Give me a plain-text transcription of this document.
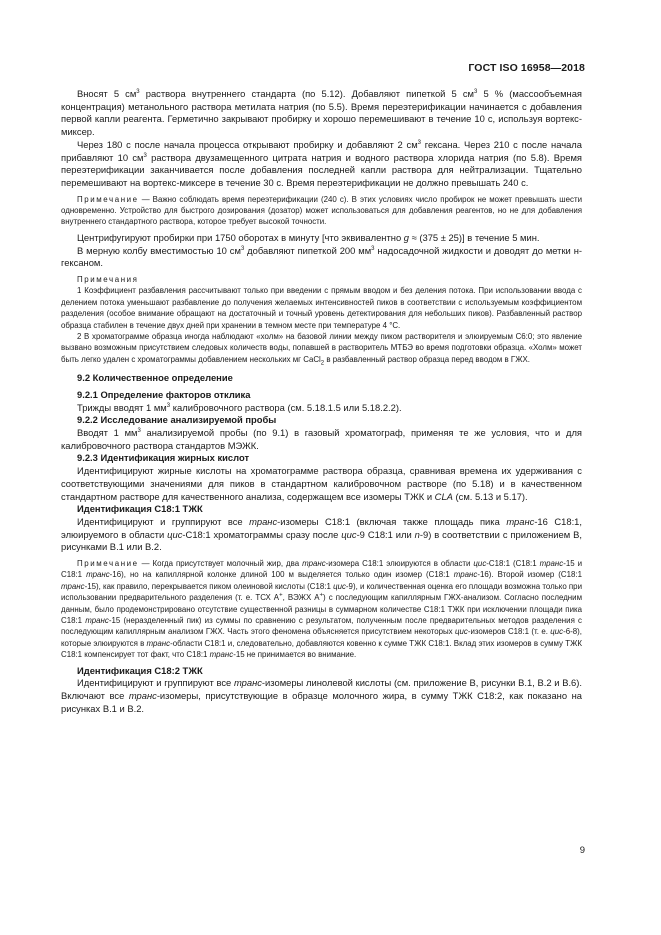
ГОСТ ISO 16958—2018

Вносят 5 $см^3$ раствора внутреннего стандарта (по 5.12). Добавляют пипеткой 5 $см^3$ 5 % (массообъемная концентрация) метанольного раствора метилата натрия (по 5.5). Время переэтерификации начинается с добавления первой капли реагента. Герметично закрывают пробирку и хорошо перемешивают в течение 10 с, используя вортекс-миксер.

Через 180 с после начала процесса открывают пробирку и добавляют 2 $см^3$ гексана. Через 210 с после начала прибавляют 10 $см^3$ раствора двузамещенного цитрата натрия и водного раствора хлорида натрия (по 5.8). Время переэтерификации заканчивается после добавления последней капли раствора для нейтрализации. Тщательно перемешивают на вортекс-миксере в течение 30 с. Время переэтерификации не должно превышать 240 с.

Примечание — Важно соблюдать время переэтерификации (240 с). В этих условиях число пробирок не может превышать шести одновременно. Устройство для быстрого дозирования (дозатор) может использоваться для добавления реагентов, но не для добавления внутреннего стандартного раствора, которое требует высокой точности.

Центрифугируют пробирки при 1750 оборотах в минуту [что эквивалентно g ≈ (375 ± 25)] в течение 5 мин.

В мерную колбу вместимостью 10 $см^3$ добавляют пипеткой 200 $мм^3$ надосадочной жидкости и доводят до метки н-гексаном.

Примечания

1 Коэффициент разбавления рассчитывают только при введении с прямым вводом и без деления потока. При использовании ввода с делением потока уменьшают разбавление до получения желаемых интенсивностей пиков в соответствии с используемым коэффициентом разделения (особое внимание обращают на достаточный и точный уровень детектирования для небольших пиков). Разбавленный раствор образца стабилен в течение двух дней при хранении в темном месте при температуре 4 °С.

2 В хроматограмме образца иногда наблюдают «холм» на базовой линии между пиком растворителя и элюируемым С6:0; это явление вызвано возможным присутствием следовых количеств воды, попавшей в растворитель МТБЭ во время подготовки образца. «Холм» может быть легко удален с хроматограммы добавлением нескольких мг CaCl$_2$ в разбавленный раствор образца перед вводом в ГЖХ.

9.2 Количественное определение

9.2.1 Определение факторов отклика

Трижды вводят 1 $мм^3$ калибровочного раствора (см. 5.18.1.5 или 5.18.2.2).

9.2.2 Исследование анализируемой пробы

Вводят 1 $мм^3$ анализируемой пробы (по 9.1) в газовый хроматограф, применяя те же условия, что и для калибровочного раствора стандартов МЭЖК.

9.2.3 Идентификация жирных кислот

Идентифицируют жирные кислоты на хроматограмме раствора образца, сравнивая времена их удерживания с соответствующими значениями для пиков в стандартном калибровочном растворе (по 5.18) и в качественном стандартном растворе для качественного анализа, содержащем все изомеры ТЖК и CLA (см. 5.13 и 5.17).

Идентификация С18:1 ТЖК

Идентифицируют и группируют все транс-изомеры С18:1 (включая также площадь пика транс-16 С18:1, элюируемого в области цис-С18:1 хроматограммы сразу после цис-9 С18:1 или n-9) в соответствии с приложением В, рисунками В.1 или В.2.

Примечание — Когда присутствует молочный жир, два транс-изомера С18:1 элюируются в области цис-С18:1 (С18:1 транс-15 и С18:1 транс-16), но на капиллярной колонке длиной 100 м выделяется только один изомер (С18:1 транс-16). Второй изомер (С18:1 транс-15), как правило, перекрывается пиком олеиновой кислоты (С18:1 цис-9), и количественная оценка его площади возможна только при использовании предварительного разделения (т. е. ТСХ А+, ВЭЖХ А+) с последующим капиллярным ГЖХ-анализом. Согласно последним данным, было продемонстрировано отсутствие существенной разницы в суммарном количестве С18:1 ТЖК при исключении площади пика С18:1 транс-15 (неразделенный пик) из суммы по сравнению с результатом, полученным после предварительных методов разделения с последующим капиллярным анализом ГЖХ. Часть этого феномена объясняется присутствием некоторых цис-изомеров С18:1 (т. е. цис-6-8), которые элюируются в транс-области С18:1 и, следовательно, добавляются ковенно к сумме ТЖК С18:1. Вклад этих изомеров в сумму ТЖК С18:1 компенсирует тот факт, что С18:1 транс-15 не принимается во внимание.

Идентификация С18:2 ТЖК

Идентифицируют и группируют все транс-изомеры линолевой кислоты (см. приложение В, рисунки В.1, В.2 и В.6). Включают все транс-изомеры, присутствующие в образце молочного жира, в сумму ТЖК С18:2, как показано на рисунках В.1 и В.2.

9
